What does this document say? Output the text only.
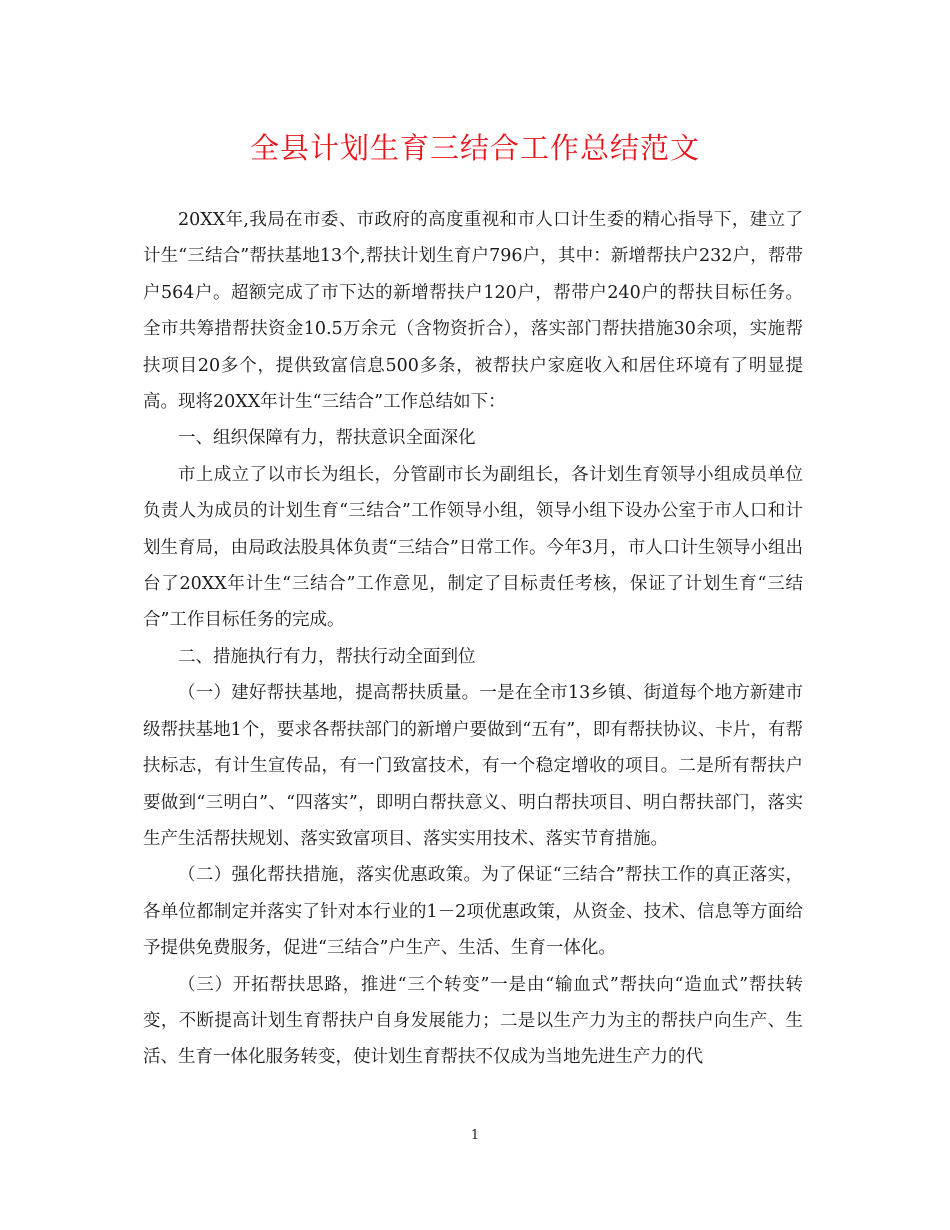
全县计划生育三结合工作总结范文

20XX年,我局在市委、市政府的高度重视和市人口计生委的精心指导下，建立了计生“三结合”帮扶基地13个,帮扶计划生育户796户，其中：新增帮扶户232户，帮带户564户。超额完成了市下达的新增帮扶户120户，帮带户240户的帮扶目标任务。全市共筹措帮扶资金10.5万余元（含物资折合），落实部门帮扶措施30余项，实施帮扶项目20多个，提供致富信息500多条，被帮扶户家庭收入和居住环境有了明显提高。现将20XX年计生“三结合”工作总结如下：

一、组织保障有力，帮扶意识全面深化

市上成立了以市长为组长，分管副市长为副组长，各计划生育领导小组成员单位负责人为成员的计划生育“三结合”工作领导小组，领导小组下设办公室于市人口和计划生育局，由局政法股具体负责“三结合”日常工作。今年3月，市人口计生领导小组出台了20XX年计生“三结合”工作意见，制定了目标责任考核，保证了计划生育“三结合”工作目标任务的完成。

二、措施执行有力，帮扶行动全面到位

（一）建好帮扶基地，提高帮扶质量。一是在全市13乡镇、街道每个地方新建市级帮扶基地1个，要求各帮扶部门的新增户要做到“五有”，即有帮扶协议、卡片，有帮扶标志，有计生宣传品，有一门致富技术，有一个稳定增收的项目。二是所有帮扶户要做到“三明白”、“四落实”，即明白帮扶意义、明白帮扶项目、明白帮扶部门，落实生产生活帮扶规划、落实致富项目、落实实用技术、落实节育措施。

（二）强化帮扶措施，落实优惠政策。为了保证“三结合”帮扶工作的真正落实，各单位都制定并落实了针对本行业的1－2项优惠政策，从资金、技术、信息等方面给予提供免费服务，促进“三结合”户生产、生活、生育一体化。

（三）开拓帮扶思路，推进“三个转变”一是由“输血式”帮扶向“造血式”帮扶转变，不断提高计划生育帮扶户自身发展能力；二是以生产力为主的帮扶户向生产、生活、生育一体化服务转变，使计划生育帮扶不仅成为当地先进生产力的代

1
